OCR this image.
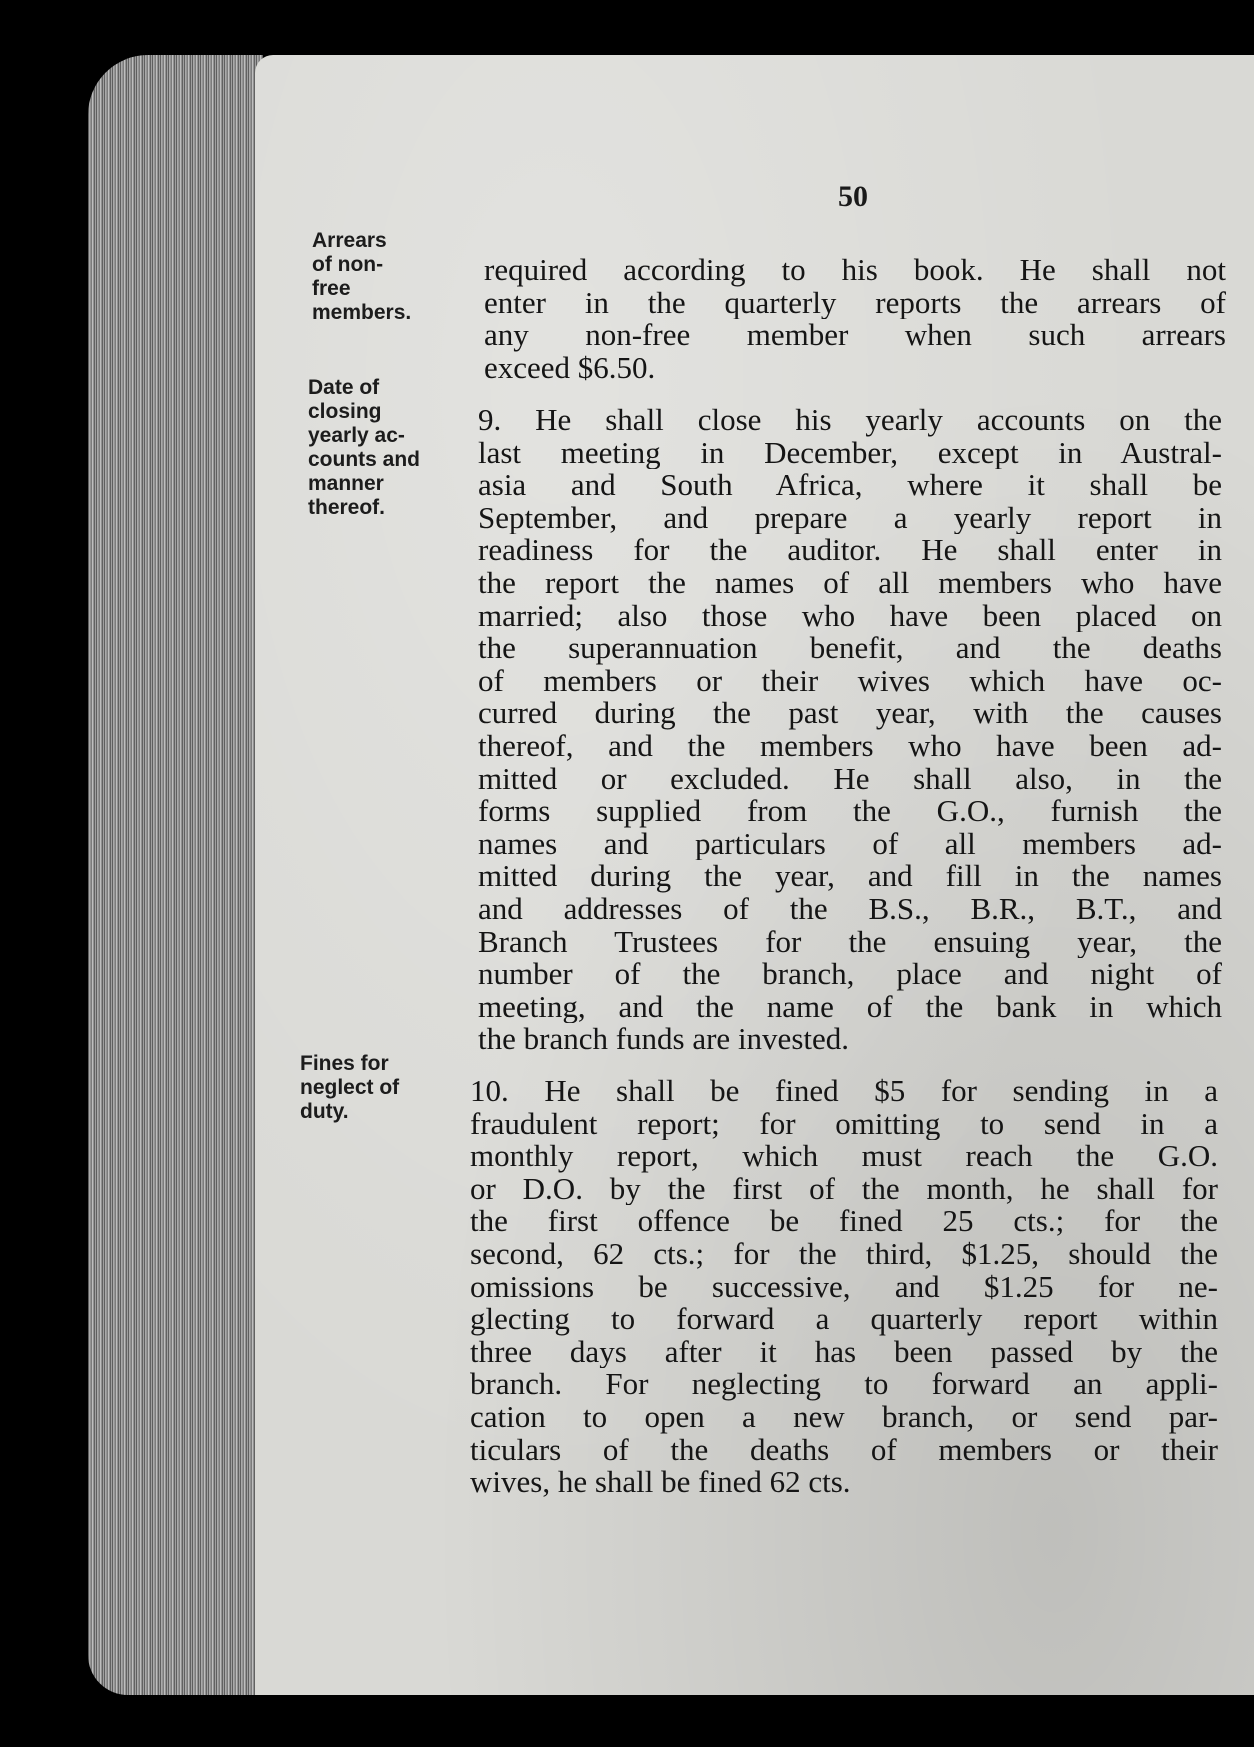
50
Arrears
of non-
free
members.
Date of
closing
yearly ac-
counts and
manner
thereof.
Fines for
neglect of
duty.
required according to his book. He shall not
enter in the quarterly reports the arrears of
any non-free member when such arrears
exceed $6.50.
9. He shall close his yearly accounts on the
last meeting in December, except in Austral-
asia and South Africa, where it shall be
September, and prepare a yearly report in
readiness for the auditor. He shall enter in
the report the names of all members who have
married; also those who have been placed on
the superannuation benefit, and the deaths
of members or their wives which have oc-
curred during the past year, with the causes
thereof, and the members who have been ad-
mitted or excluded. He shall also, in the
forms supplied from the G.O., furnish the
names and particulars of all members ad-
mitted during the year, and fill in the names
and addresses of the B.S., B.R., B.T., and
Branch Trustees for the ensuing year, the
number of the branch, place and night of
meeting, and the name of the bank in which
the branch funds are invested.
10. He shall be fined $5 for sending in a
fraudulent report; for omitting to send in a
monthly report, which must reach the G.O.
or D.O. by the first of the month, he shall for
the first offence be fined 25 cts.; for the
second, 62 cts.; for the third, $1.25, should the
omissions be successive, and $1.25 for ne-
glecting to forward a quarterly report within
three days after it has been passed by the
branch. For neglecting to forward an appli-
cation to open a new branch, or send par-
ticulars of the deaths of members or their
wives, he shall be fined 62 cts.
